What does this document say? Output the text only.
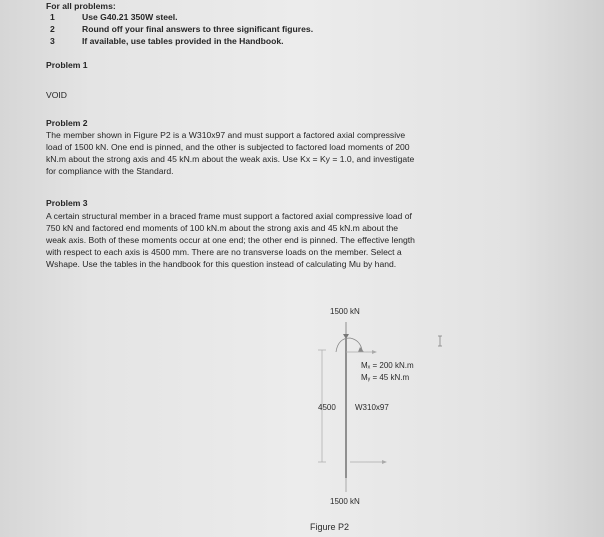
For all problems:
1	Use G40.21 350W steel.
2	Round off your final answers to three significant figures.
3	If available, use tables provided in the Handbook.
Problem 1
VOID
Problem 2
The member shown in Figure P2 is a W310x97 and must support a factored axial compressive
load of 1500 kN. One end is pinned, and the other is subjected to factored load moments of 200
kN.m about the strong axis and 45 kN.m about the weak axis. Use Kx = Ky = 1.0, and investigate
for compliance with the Standard.
Problem 3
A certain structural member in a braced frame must support a factored axial compressive load of
750 kN and factored end moments of 100 kN.m about the strong axis and 45 kN.m about the
weak axis. Both of these moments occur at one end; the other end is pinned. The effective length
with respect to each axis is 4500 mm. There are no transverse loads on the member. Select a
Wshape. Use the tables in the handbook for this question instead of calculating Mu by hand.
1500 kN
Mₓ = 200 kN.m
Mᵧ = 45 kN.m
4500 W310x97
1500 kN
Figure P2
